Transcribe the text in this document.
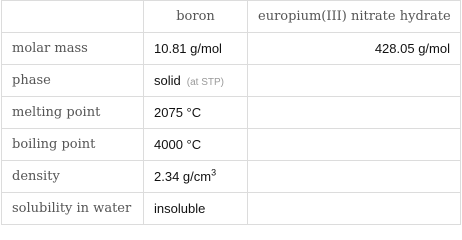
	boron	europium(III) nitrate hydrate
molar mass	10.81 g/mol	428.05 g/mol
phase	solid (at STP)	
melting point	2075 °C	
boiling point	4000 °C	
density	2.34 $g/cm^3$	
solubility in water	insoluble	
